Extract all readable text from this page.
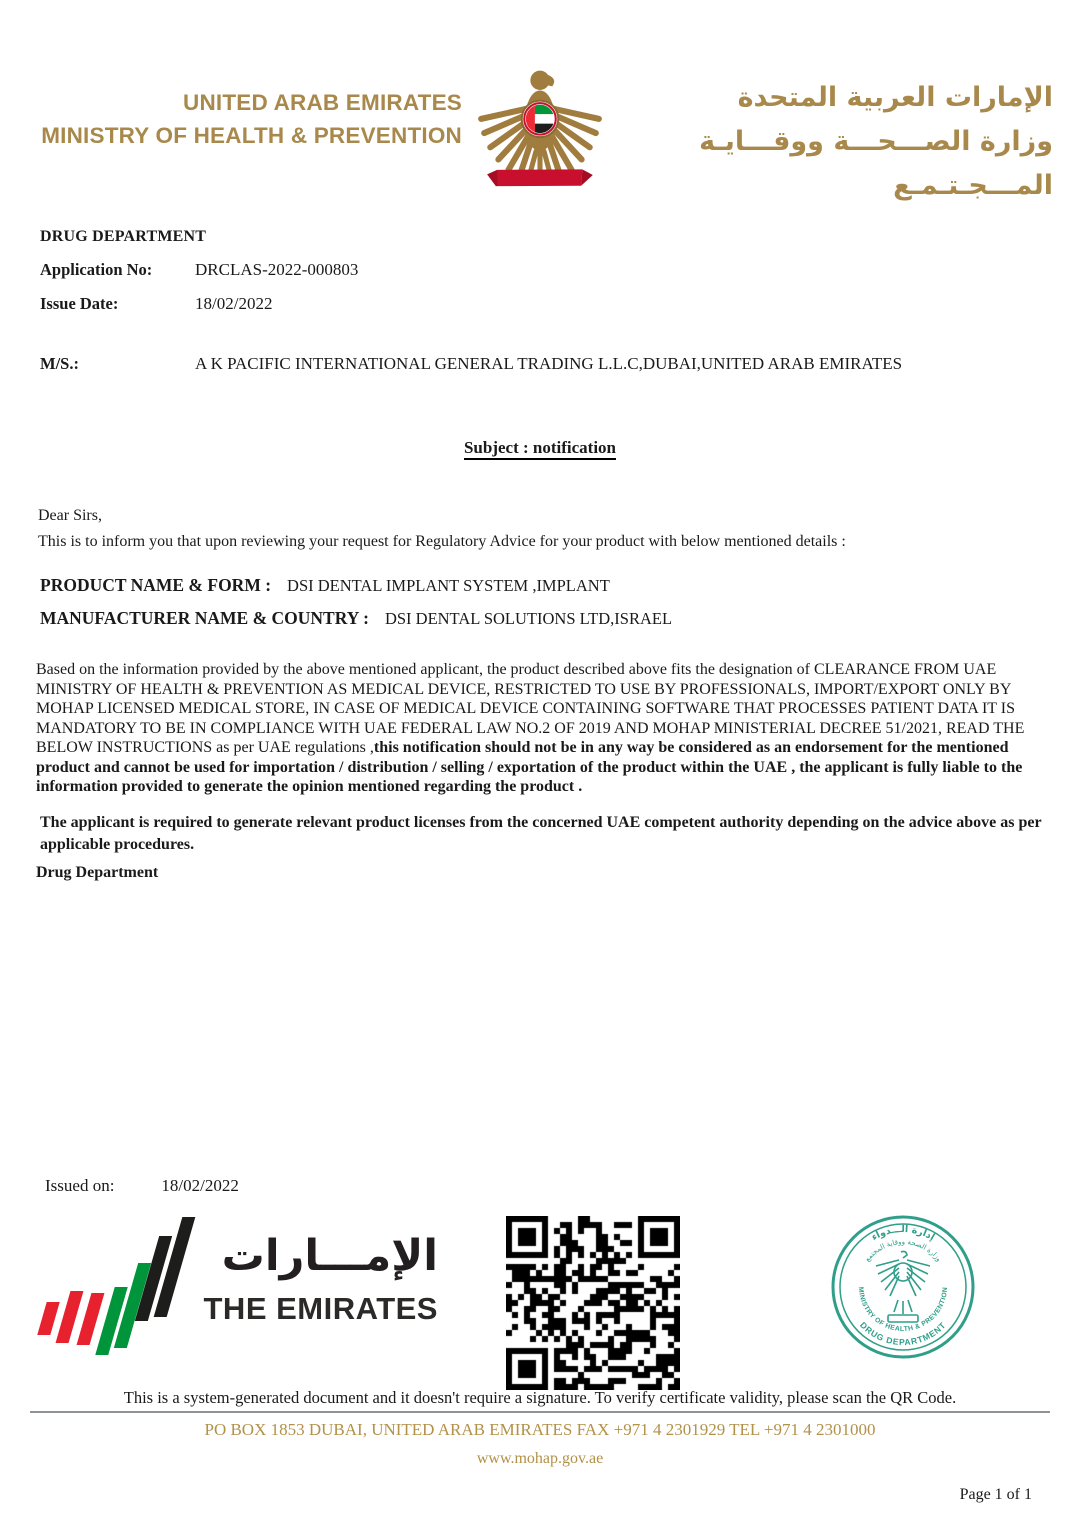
UNITED ARAB EMIRATES
MINISTRY OF HEALTH & PREVENTION
الإمارات العربية المتحدة
وزارة الصـــحـــة ووقـــايـة المـــجـتـمـع
DRUG DEPARTMENT
Application No:	DRCLAS-2022-000803
Issue Date:	18/02/2022
M/S.:	A K PACIFIC INTERNATIONAL GENERAL TRADING L.L.C,DUBAI,UNITED ARAB EMIRATES
Subject : notification
Dear Sirs,
This is to inform you that upon reviewing your request for Regulatory Advice for your product with below mentioned details :
PRODUCT NAME & FORM : DSI DENTAL IMPLANT SYSTEM ,IMPLANT
MANUFACTURER NAME & COUNTRY : DSI DENTAL SOLUTIONS LTD,ISRAEL
Based on the information provided by the above mentioned applicant, the product described above fits the designation of CLEARANCE FROM UAE MINISTRY OF HEALTH & PREVENTION AS MEDICAL DEVICE, RESTRICTED TO USE BY PROFESSIONALS, IMPORT/EXPORT ONLY BY MOHAP LICENSED MEDICAL STORE, IN CASE OF MEDICAL DEVICE CONTAINING SOFTWARE THAT PROCESSES PATIENT DATA IT IS MANDATORY TO BE IN COMPLIANCE WITH UAE FEDERAL LAW NO.2 OF 2019 AND MOHAP MINISTERIAL DECREE 51/2021, READ THE BELOW INSTRUCTIONS as per UAE regulations ,this notification should not be in any way be considered as an endorsement for the mentioned product and cannot be used for importation / distribution / selling / exportation of the product within the UAE , the applicant is fully liable to the information provided to generate the opinion mentioned regarding the product .
The applicant is required to generate relevant product licenses from the concerned UAE competent authority depending on the advice above as per applicable procedures.
Drug Department
Issued on:	18/02/2022
الإمـــارات
THE EMIRATES
إدارة الـــدواء
وزارة الصحة ووقاية المجتمع
MINISTRY OF HEALTH & PREVENTION
DRUG DEPARTMENT
This is a system-generated document and it doesn't require a signature. To verify certificate validity, please scan the QR Code.
PO BOX 1853 DUBAI, UNITED ARAB EMIRATES FAX +971 4 2301929 TEL +971 4 2301000
www.mohap.gov.ae
Page 1 of 1
